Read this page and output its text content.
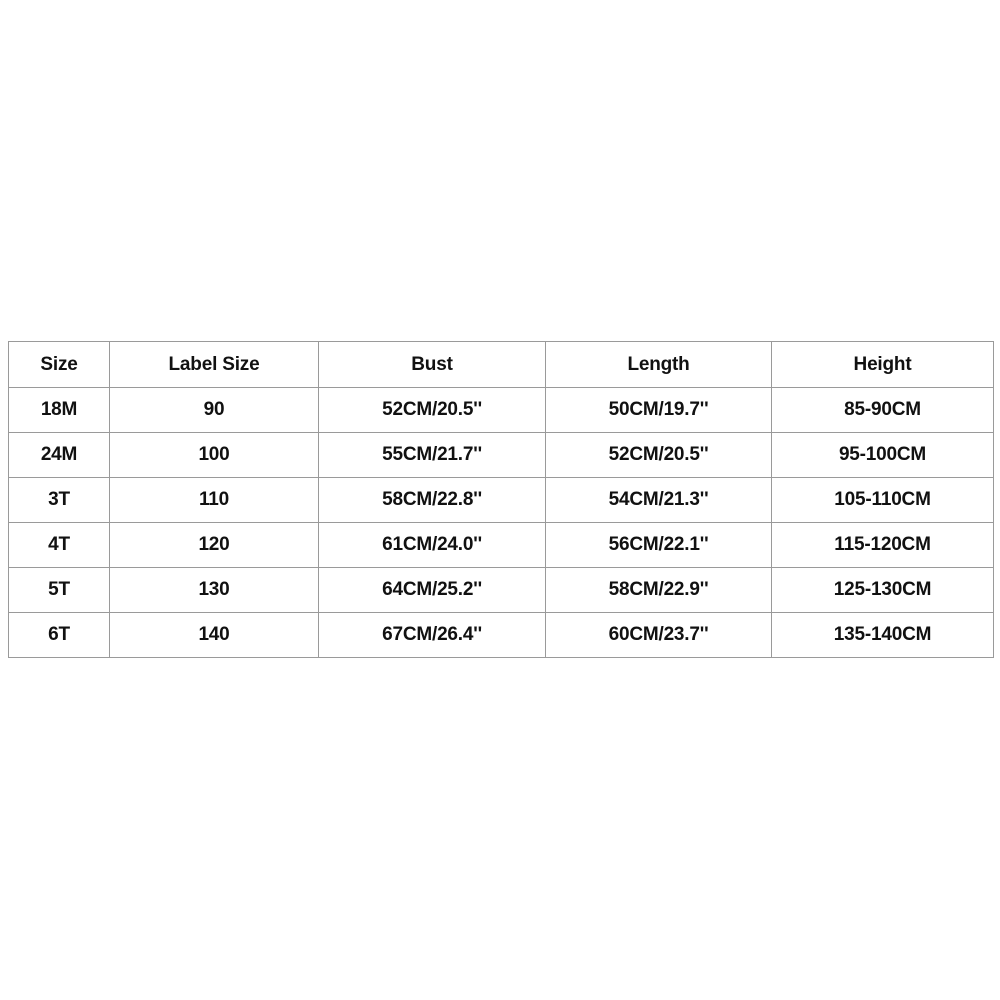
Size	Label Size	Bust	Length	Height
18M	90	52CM/20.5''	50CM/19.7''	85-90CM
24M	100	55CM/21.7''	52CM/20.5''	95-100CM
3T	110	58CM/22.8''	54CM/21.3''	105-110CM
4T	120	61CM/24.0''	56CM/22.1''	115-120CM
5T	130	64CM/25.2''	58CM/22.9''	125-130CM
6T	140	67CM/26.4''	60CM/23.7''	135-140CM
